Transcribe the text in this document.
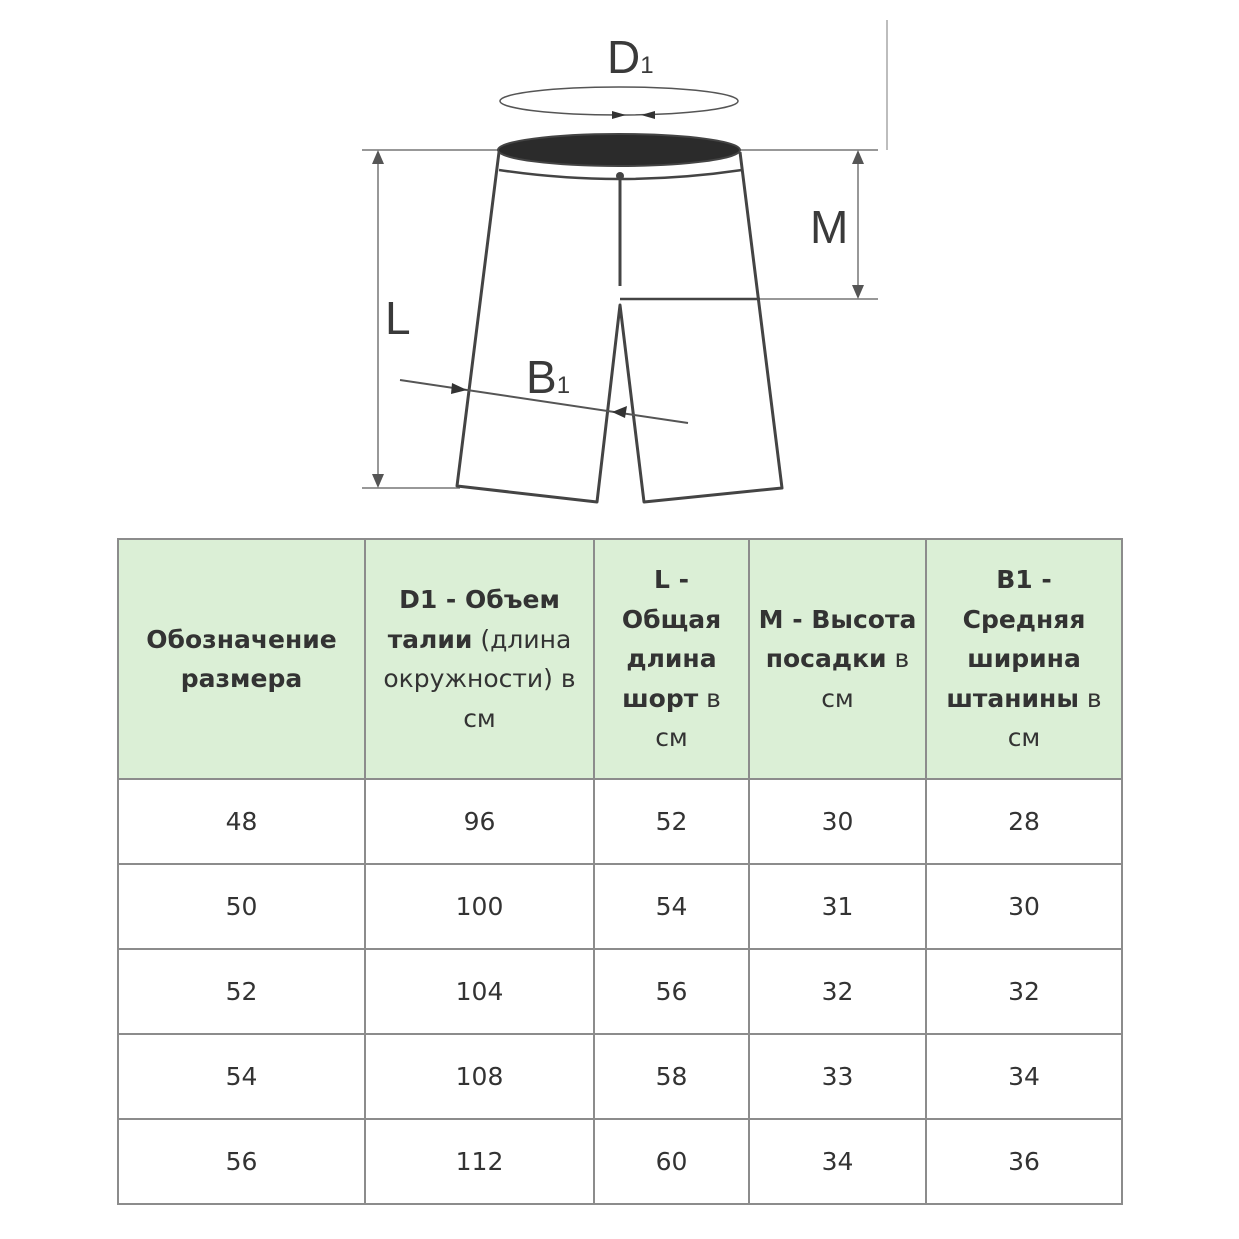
D1
L
M
B1
Обозначение размера	D1 - Объем талии (длина окружности) в см	L - Общая длина шорт в см	М - Высота посадки в см	B1 - Средняя ширина штанины в см
48	96	52	30	28
50	100	54	31	30
52	104	56	32	32
54	108	58	33	34
56	112	60	34	36
